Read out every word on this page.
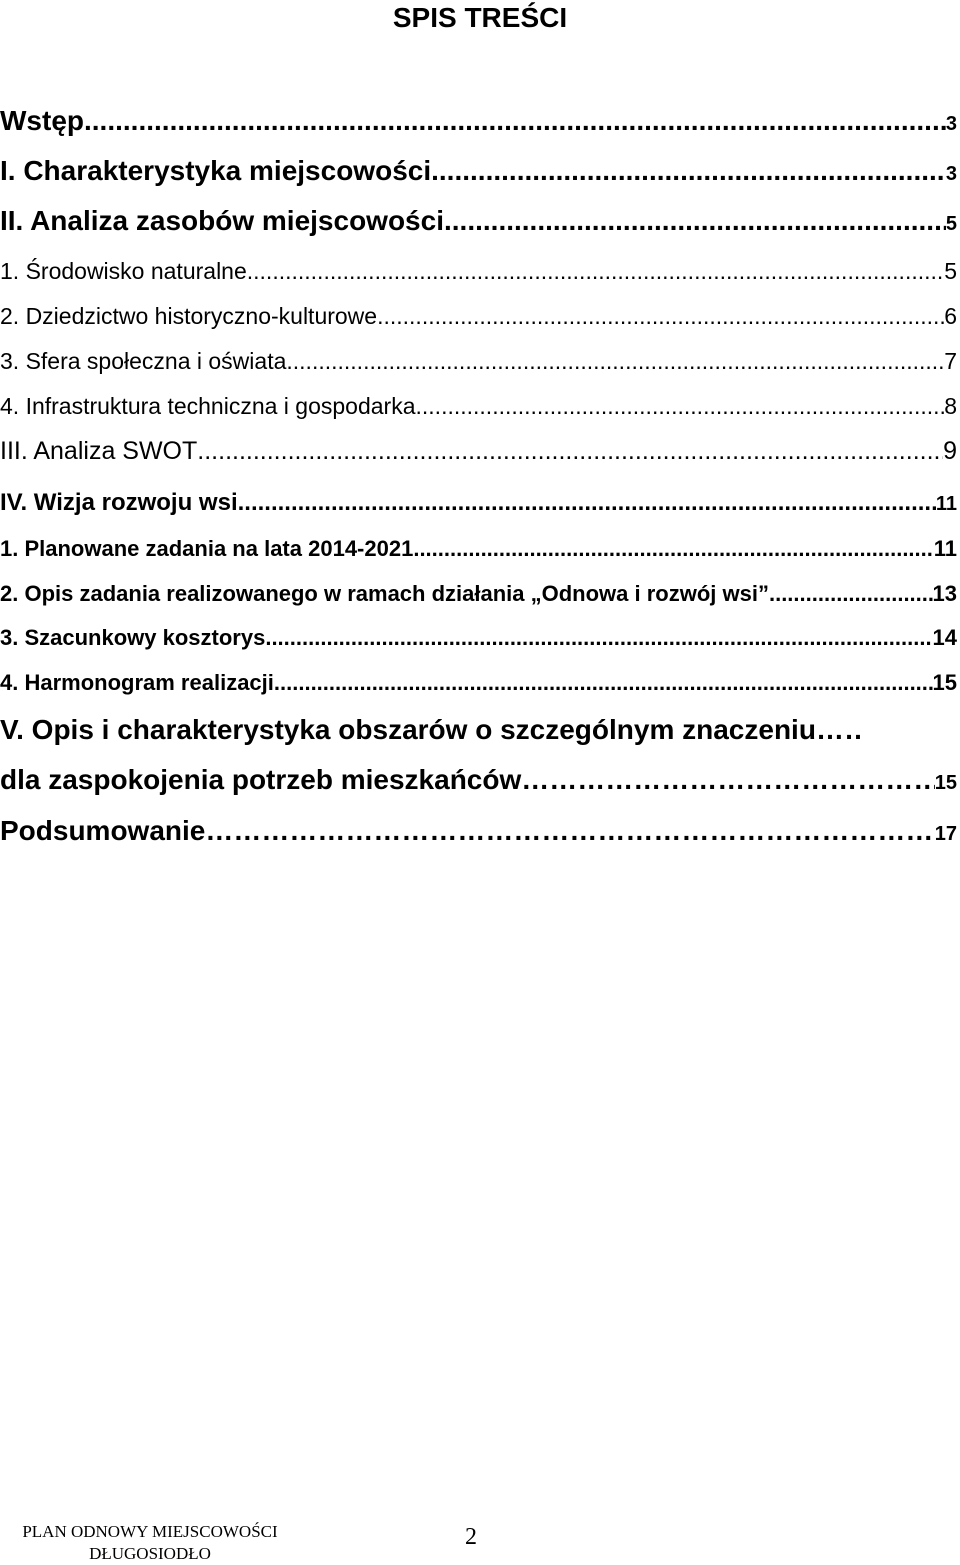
SPIS TREŚCI
Wstęp .....	3
I. Charakterystyka miejscowości .....	3
II. Analiza zasobów miejscowości .....	5
1. Środowisko naturalne .....	5
2. Dziedzictwo historyczno-kulturowe .....	6
3. Sfera społeczna i oświata .....	7
4. Infrastruktura techniczna i gospodarka .....	8
III. Analiza SWOT .....	9
IV. Wizja rozwoju wsi .....	11
1. Planowane zadania na lata 2014-2021 .....	11
2. Opis zadania realizowanego w ramach działania „Odnowa i rozwój wsi” .....	13
3. Szacunkowy kosztorys .....	14
4. Harmonogram realizacji .....	15
V. Opis i charakterystyka obszarów o szczególnym znaczeniu
…………………………………………………………………………………………………………………………………………………………………………
dla zaspokojenia potrzeb mieszkańców …………………………………………………………………………………………………………………………………………………………………………	15
Podsumowanie …………………………………………………………………………………………………………………………………………………………………………	17
PLAN ODNOWY MIEJSCOWOŚCI
DŁUGOSIODŁO
2
